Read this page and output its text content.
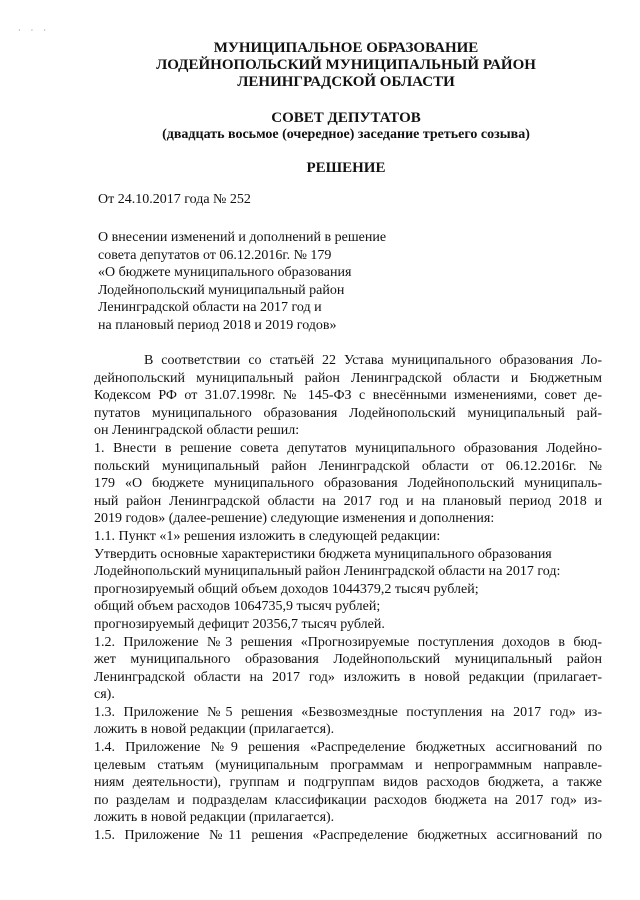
· · ·
МУНИЦИПАЛЬНОЕ ОБРАЗОВАНИЕ
ЛОДЕЙНОПОЛЬСКИЙ МУНИЦИПАЛЬНЫЙ РАЙОН
ЛЕНИНГРАДСКОЙ ОБЛАСТИ
СОВЕТ ДЕПУТАТОВ
(двадцать восьмое (очередное) заседание третьего созыва)
РЕШЕНИЕ
От 24.10.2017 года № 252
О внесении изменений и дополнений в решение
совета депутатов от 06.12.2016г. № 179
«О бюджете муниципального образования
Лодейнопольский муниципальный район
Ленинградской области на 2017 год и
на плановый период 2018 и 2019 годов»
В соответствии со статьёй 22 Устава муниципального образования Ло-
дейнопольский муниципальный район Ленинградской области и Бюджетным
Кодексом РФ от 31.07.1998г. № 145-ФЗ с внесёнными изменениями, совет де-
путатов муниципального образования Лодейнопольский муниципальный рай-
он Ленинградской области решил:
1. Внести в решение совета депутатов муниципального образования Лодейно-
польский муниципальный район Ленинградской области от 06.12.2016г. №
179 «О бюджете муниципального образования Лодейнопольский муниципаль-
ный район Ленинградской области на 2017 год и на плановый период 2018 и
2019 годов» (далее-решение) следующие изменения и дополнения:
1.1. Пункт «1» решения изложить в следующей редакции:
Утвердить основные характеристики бюджета муниципального образования
Лодейнопольский муниципальный район Ленинградской области на 2017 год:
прогнозируемый общий объем доходов 1044379,2 тысяч рублей;
общий объем расходов 1064735,9 тысяч рублей;
прогнозируемый дефицит 20356,7 тысяч рублей.
1.2. Приложение №3 решения «Прогнозируемые поступления доходов в бюд-
жет муниципального образования Лодейнопольский муниципальный район
Ленинградской области на 2017 год» изложить в новой редакции (прилагает-
ся).
1.3. Приложение №5 решения «Безвозмездные поступления на 2017 год» из-
ложить в новой редакции (прилагается).
1.4. Приложение №9 решения «Распределение бюджетных ассигнований по
целевым статьям (муниципальным программам и непрограммным направле-
ниям деятельности), группам и подгруппам видов расходов бюджета, а также
по разделам и подразделам классификации расходов бюджета на 2017 год» из-
ложить в новой редакции (прилагается).
1.5. Приложение №11 решения «Распределение бюджетных ассигнований по
